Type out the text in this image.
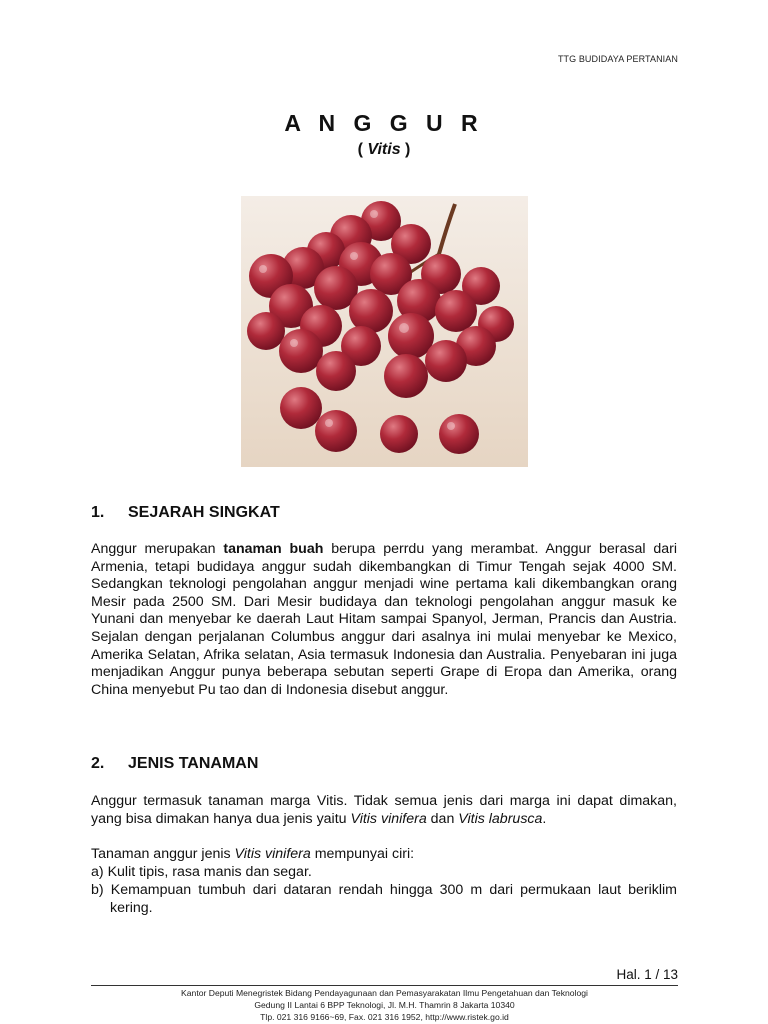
TTG BUDIDAYA PERTANIAN
A N G G U R
( Vitis )
1. SEJARAH SINGKAT
Anggur merupakan tanaman buah berupa perrdu yang merambat. Anggur berasal dari Armenia, tetapi budidaya anggur sudah dikembangkan di Timur Tengah sejak 4000 SM. Sedangkan teknologi pengolahan anggur menjadi wine pertama kali dikembangkan orang Mesir pada 2500 SM. Dari Mesir budidaya dan teknologi pengolahan anggur masuk ke Yunani dan menyebar ke daerah Laut Hitam sampai Spanyol, Jerman, Prancis dan Austria. Sejalan dengan perjalanan Columbus anggur dari asalnya ini mulai menyebar ke Mexico, Amerika Selatan, Afrika selatan, Asia termasuk Indonesia dan Australia. Penyebaran ini juga menjadikan Anggur punya beberapa sebutan seperti Grape di Eropa dan Amerika, orang China menyebut Pu tao dan di Indonesia disebut anggur.
2. JENIS TANAMAN
Anggur termasuk tanaman marga Vitis. Tidak semua jenis dari marga ini dapat dimakan, yang bisa dimakan hanya dua jenis yaitu Vitis vinifera dan Vitis labrusca.
Tanaman anggur jenis Vitis vinifera mempunyai ciri:
a) Kulit tipis, rasa manis dan segar.
b) Kemampuan tumbuh dari dataran rendah hingga 300 m dari permukaan laut beriklim kering.
Hal. 1 / 13
Kantor Deputi Menegristek Bidang Pendayagunaan dan Pemasyarakatan Ilmu Pengetahuan dan Teknologi
Gedung II Lantai 6 BPP Teknologi, Jl. M.H. Thamrin 8 Jakarta 10340
Tlp. 021 316 9166~69, Fax. 021 316 1952, http://www.ristek.go.id
